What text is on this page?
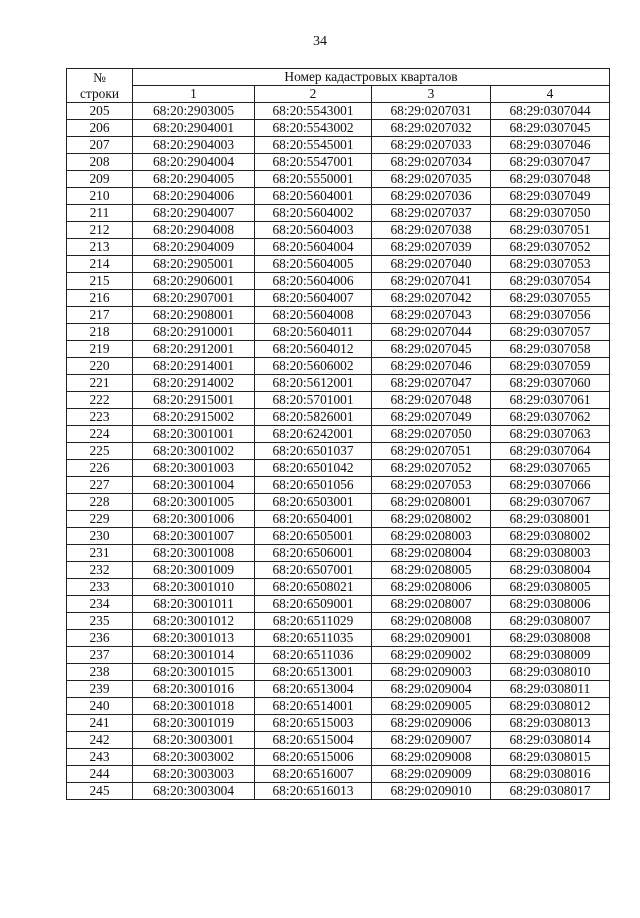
34
№
строки	Номер кадастровых кварталов			
	1	2	3	4
205	68:20:2903005	68:20:5543001	68:29:0207031	68:29:0307044
206	68:20:2904001	68:20:5543002	68:29:0207032	68:29:0307045
207	68:20:2904003	68:20:5545001	68:29:0207033	68:29:0307046
208	68:20:2904004	68:20:5547001	68:29:0207034	68:29:0307047
209	68:20:2904005	68:20:5550001	68:29:0207035	68:29:0307048
210	68:20:2904006	68:20:5604001	68:29:0207036	68:29:0307049
211	68:20:2904007	68:20:5604002	68:29:0207037	68:29:0307050
212	68:20:2904008	68:20:5604003	68:29:0207038	68:29:0307051
213	68:20:2904009	68:20:5604004	68:29:0207039	68:29:0307052
214	68:20:2905001	68:20:5604005	68:29:0207040	68:29:0307053
215	68:20:2906001	68:20:5604006	68:29:0207041	68:29:0307054
216	68:20:2907001	68:20:5604007	68:29:0207042	68:29:0307055
217	68:20:2908001	68:20:5604008	68:29:0207043	68:29:0307056
218	68:20:2910001	68:20:5604011	68:29:0207044	68:29:0307057
219	68:20:2912001	68:20:5604012	68:29:0207045	68:29:0307058
220	68:20:2914001	68:20:5606002	68:29:0207046	68:29:0307059
221	68:20:2914002	68:20:5612001	68:29:0207047	68:29:0307060
222	68:20:2915001	68:20:5701001	68:29:0207048	68:29:0307061
223	68:20:2915002	68:20:5826001	68:29:0207049	68:29:0307062
224	68:20:3001001	68:20:6242001	68:29:0207050	68:29:0307063
225	68:20:3001002	68:20:6501037	68:29:0207051	68:29:0307064
226	68:20:3001003	68:20:6501042	68:29:0207052	68:29:0307065
227	68:20:3001004	68:20:6501056	68:29:0207053	68:29:0307066
228	68:20:3001005	68:20:6503001	68:29:0208001	68:29:0307067
229	68:20:3001006	68:20:6504001	68:29:0208002	68:29:0308001
230	68:20:3001007	68:20:6505001	68:29:0208003	68:29:0308002
231	68:20:3001008	68:20:6506001	68:29:0208004	68:29:0308003
232	68:20:3001009	68:20:6507001	68:29:0208005	68:29:0308004
233	68:20:3001010	68:20:6508021	68:29:0208006	68:29:0308005
234	68:20:3001011	68:20:6509001	68:29:0208007	68:29:0308006
235	68:20:3001012	68:20:6511029	68:29:0208008	68:29:0308007
236	68:20:3001013	68:20:6511035	68:29:0209001	68:29:0308008
237	68:20:3001014	68:20:6511036	68:29:0209002	68:29:0308009
238	68:20:3001015	68:20:6513001	68:29:0209003	68:29:0308010
239	68:20:3001016	68:20:6513004	68:29:0209004	68:29:0308011
240	68:20:3001018	68:20:6514001	68:29:0209005	68:29:0308012
241	68:20:3001019	68:20:6515003	68:29:0209006	68:29:0308013
242	68:20:3003001	68:20:6515004	68:29:0209007	68:29:0308014
243	68:20:3003002	68:20:6515006	68:29:0209008	68:29:0308015
244	68:20:3003003	68:20:6516007	68:29:0209009	68:29:0308016
245	68:20:3003004	68:20:6516013	68:29:0209010	68:29:0308017
